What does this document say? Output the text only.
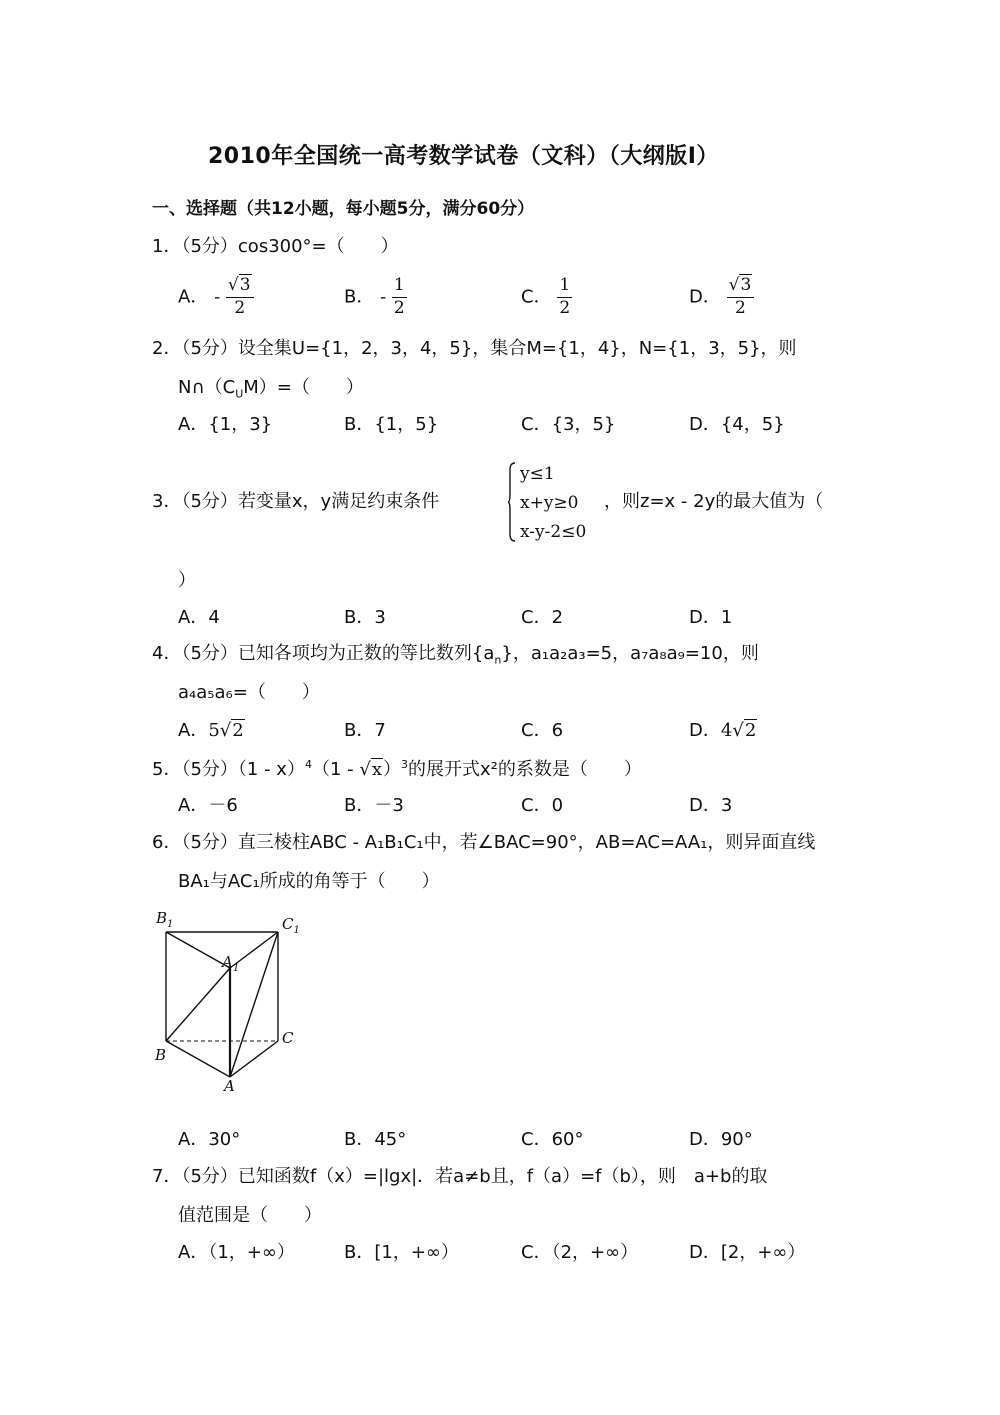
2010年全国统一高考数学试卷（文科）（大纲版Ⅰ）
一、选择题（共12小题，每小题5分，满分60分）
1．（5分）cos300°=（　　）
A． - $\frac{√3}{2}$	B． - $\frac{1}{2}$	C． $\frac{1}{2}$	D． $\frac{√3}{2}$
2．（5分）设全集U={1，2，3，4，5}，集合M={1，4}，N={1，3，5}，则
$N\cap(C_UM)=$（　　）
A．{1，3}	B．{1，5}	C．{3，5}	D．{4，5}
3．（5分）若变量x，y满足约束条件
y≤1
x+y≥0
x-y-2≤0
，则z=x - 2y的最大值为（
）
A．4	B．3	C．2	D．1
4．（5分）已知各项均为正数的等比数列$\{a_n\}$，a₁a₂a₃=5，a₇a₈a₉=10，则
a₄a₅a₆=（　　）
A．5√2	B．7	C．6	D．4√2
5．（5分）（1 - x）$^4$（1 - √x）$^3$的展开式x²的系数是（　　）
A．－6	B．－3	C．0	D．3
6．（5分）直三棱柱ABC - A₁B₁C₁中，若∠BAC=90°，AB=AC=AA₁，则异面直线
BA₁与AC₁所成的角等于（　　）
$B_1$	$C_1$
$A_1$
B
C
A
A．30°	B．45°	C．60°	D．90°
7．（5分）已知函数f（x）=|lgx|．若a≠b且，f（a）=f（b），则　a+b的取
值范围是（　　）
A．（1，+∞）	B．[1，+∞）	C．（2，+∞）	D．[2，+∞）
